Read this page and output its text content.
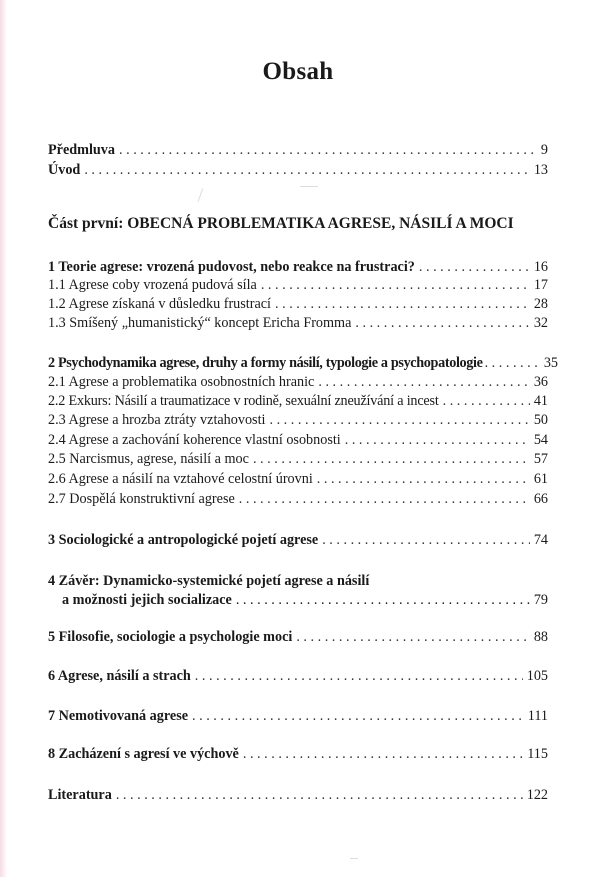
Obsah
Předmluva . . .	9
Úvod . . .	13
Část první: OBECNÁ PROBLEMATIKA AGRESE, NÁSILÍ A MOCI
1 Teorie agrese: vrozená pudovost, nebo reakce na frustraci? . . .	16
1.1 Agrese coby vrozená pudová síla . . .	17
1.2 Agrese získaná v důsledku frustrací . . .	28
1.3 Smíšený „humanistický“ koncept Ericha Fromma . . .	32
2 Psychodynamika agrese, druhy a formy násilí, typologie a psychopatologie . . .	35
2.1 Agrese a problematika osobnostních hranic . . .	36
2.2 Exkurs: Násilí a traumatizace v rodině, sexuální zneužívání a incest . . .	41
2.3 Agrese a hrozba ztráty vztahovosti . . .	50
2.4 Agrese a zachování koherence vlastní osobnosti . . .	54
2.5 Narcismus, agrese, násilí a moc . . .	57
2.6 Agrese a násilí na vztahové celostní úrovni . . .	61
2.7 Dospělá konstruktivní agrese . . .	66
3 Sociologické a antropologické pojetí agrese . . .	74
4 Závěr: Dynamicko-systemické pojetí agrese a násilí
a možnosti jejich socializace . . .	79
5 Filosofie, sociologie a psychologie moci . . .	88
6 Agrese, násilí a strach . . .	105
7 Nemotivovaná agrese . . .	111
8 Zacházení s agresí ve výchově . . .	115
Literatura . . .	122
